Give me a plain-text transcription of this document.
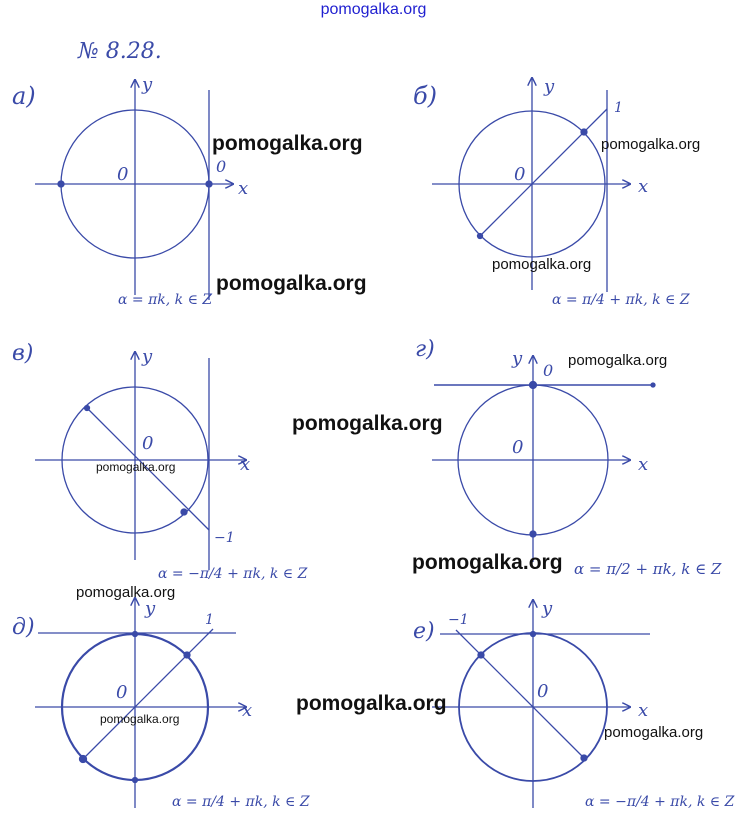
pomogalka.org
№ 8.28.
а)	y
x
0	0
α = πk, k ∈ Z
б)	y
x
0
1
α = π/4 + πk, k ∈ Z
в)	y
x
0
−1
α = −π/4 + πk, k ∈ Z
г)	y
x
0
0
α = π/2 + πk, k ∈ Z
д)
y
x
0
1
α = π/4 + πk, k ∈ Z
е)
y
x
0
−1
α = −π/4 + πk, k ∈ Z
pomogalka.org
pomogalka.org
pomogalka.org
pomogalka.org
pomogalka.org
pomogalka.org
pomogalka.org
pomogalka.org
pomogalka.org
pomogalka.org
pomogalka.org
pomogalka.org
